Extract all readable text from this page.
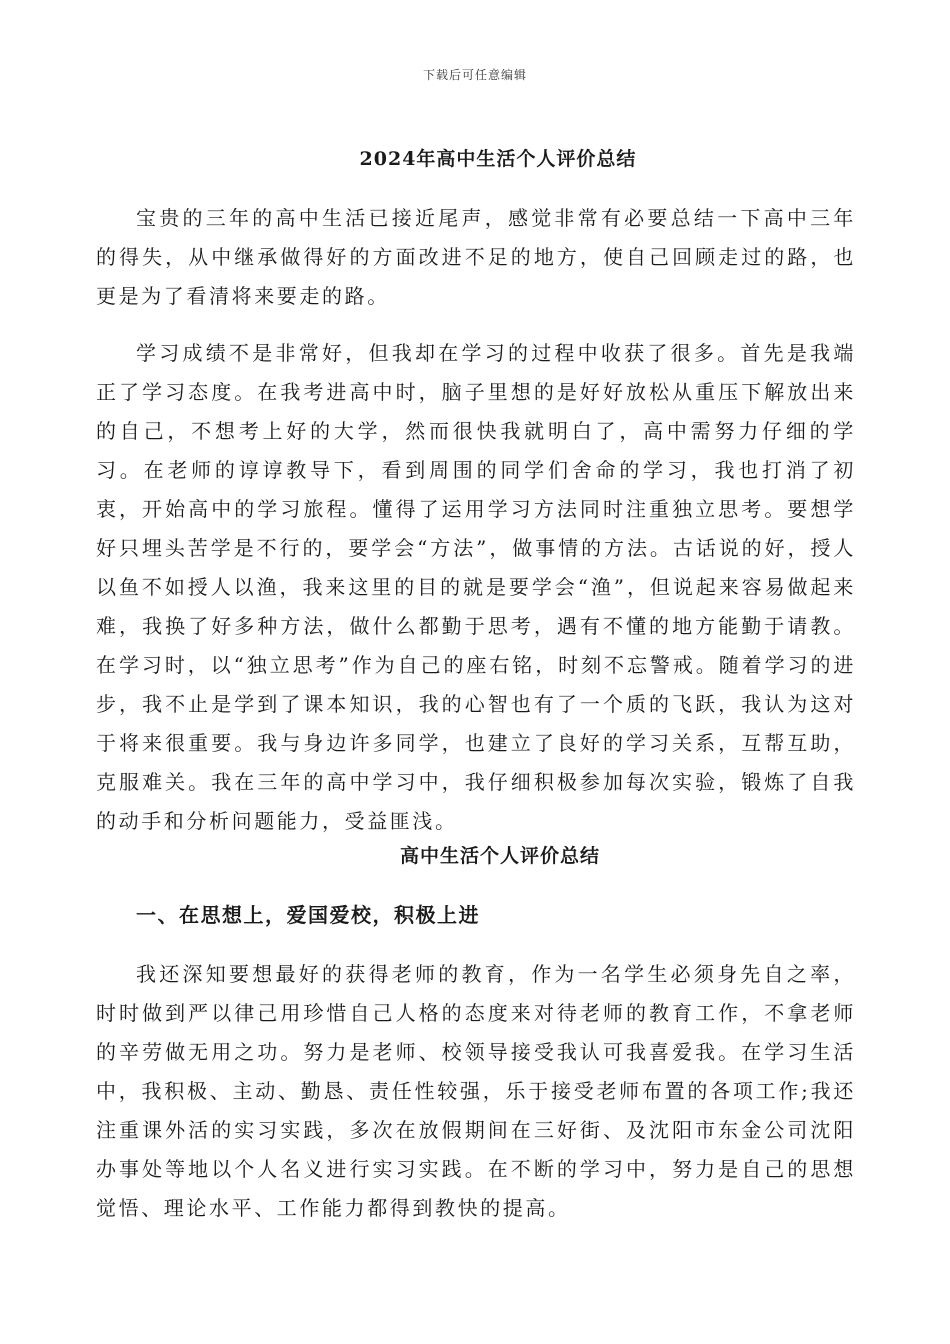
下载后可任意编辑
2024年高中生活个人评价总结

宝贵的三年的高中生活已接近尾声，感觉非常有必要总结一下高中三年的得失，从中继承做得好的方面改进不足的地方，使自己回顾走过的路，也更是为了看清将来要走的路。

学习成绩不是非常好，但我却在学习的过程中收获了很多。首先是我端正了学习态度。在我考进高中时，脑子里想的是好好放松从重压下解放出来的自己，不想考上好的大学，然而很快我就明白了，高中需努力仔细的学习。在老师的谆谆教导下，看到周围的同学们舍命的学习，我也打消了初衷，开始高中的学习旅程。懂得了运用学习方法同时注重独立思考。要想学好只埋头苦学是不行的，要学会“方法”，做事情的方法。古话说的好，授人以鱼不如授人以渔，我来这里的目的就是要学会“渔”，但说起来容易做起来难，我换了好多种方法，做什么都勤于思考，遇有不懂的地方能勤于请教。在学习时，以“独立思考”作为自己的座右铭，时刻不忘警戒。随着学习的进步，我不止是学到了课本知识，我的心智也有了一个质的飞跃，我认为这对于将来很重要。我与身边许多同学，也建立了良好的学习关系，互帮互助，克服难关。我在三年的高中学习中，我仔细积极参加每次实验，锻炼了自我的动手和分析问题能力，受益匪浅。

高中生活个人评价总结
一、在思想上，爱国爱校，积极上进

我还深知要想最好的获得老师的教育，作为一名学生必须身先自之率，时时做到严以律己用珍惜自己人格的态度来对待老师的教育工作，不拿老师的辛劳做无用之功。努力是老师、校领导接受我认可我喜爱我。在学习生活中，我积极、主动、勤恳、责任性较强，乐于接受老师布置的各项工作;我还注重课外活的实习实践，多次在放假期间在三好街、及沈阳市东金公司沈阳办事处等地以个人名义进行实习实践。在不断的学习中，努力是自己的思想觉悟、理论水平、工作能力都得到教快的提高。
